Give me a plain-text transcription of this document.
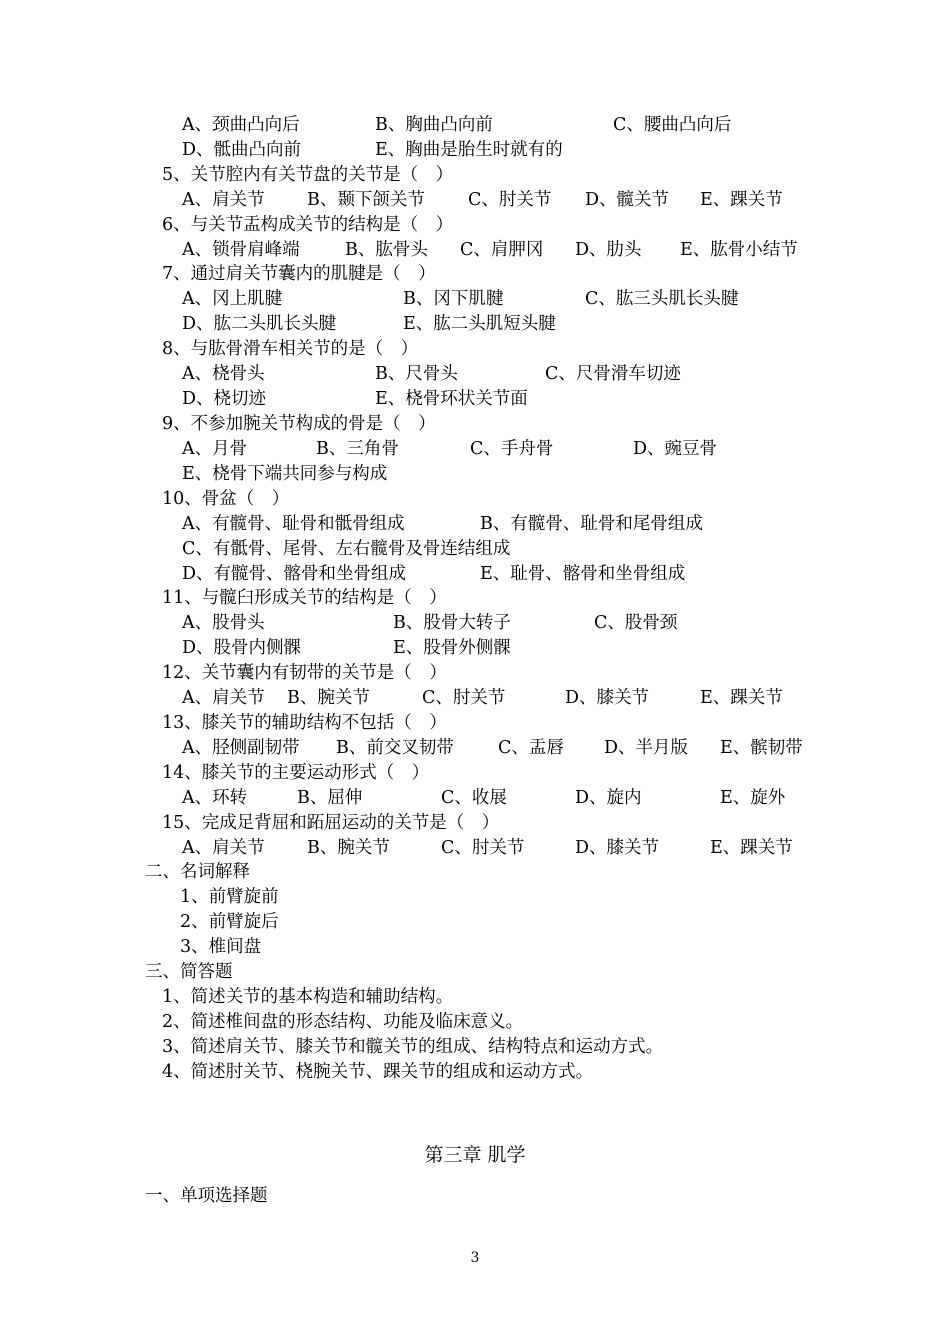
A、颈曲凸向后	B、胸曲凸向前	C、腰曲凸向后
D、骶曲凸向前	E、胸曲是胎生时就有的
5、关节腔内有关节盘的关节是（　）
A、肩关节 B、颞下颌关节 C、肘关节 D、髋关节 E、踝关节
6、与关节盂构成关节的结构是（　）
A、锁骨肩峰端	B、肱骨头 C、肩胛冈 D、肋头 E、肱骨小结节
7、通过肩关节囊内的肌腱是（　）
A、冈上肌腱	B、冈下肌腱	C、肱三头肌长头腱
D、肱二头肌长头腱	E、肱二头肌短头腱
8、与肱骨滑车相关节的是（　）
A、桡骨头	B、尺骨头	C、尺骨滑车切迹
D、桡切迹	E、桡骨环状关节面
9、不参加腕关节构成的骨是（　）
A、月骨	B、三角骨	C、手舟骨	D、豌豆骨
E、桡骨下端共同参与构成
10、骨盆（　）
A、有髋骨、耻骨和骶骨组成	B、有髋骨、耻骨和尾骨组成
C、有骶骨、尾骨、左右髋骨及骨连结组成
D、有髋骨、髂骨和坐骨组成	E、耻骨、髂骨和坐骨组成
11、与髋臼形成关节的结构是（　）
A、股骨头	B、股骨大转子	C、股骨颈
D、股骨内侧髁	E、股骨外侧髁
12、关节囊内有韧带的关节是（　）
A、肩关节 B、腕关节	C、肘关节	D、膝关节	E、踝关节
13、膝关节的辅助结构不包括（　）
A、胫侧副韧带 B、前交叉韧带	C、盂唇 D、半月版 E、髌韧带
14、膝关节的主要运动形式（　）
A、环转	B、屈伸	C、收展	D、旋内	E、旋外
15、完成足背屈和跖屈运动的关节是（　）
A、肩关节 B、腕关节	C、肘关节	D、膝关节	E、踝关节
二、名词解释
1、前臂旋前
2、前臂旋后
3、椎间盘
三、简答题
1、简述关节的基本构造和辅助结构。
2、简述椎间盘的形态结构、功能及临床意义。
3、简述肩关节、膝关节和髋关节的组成、结构特点和运动方式。
4、简述肘关节、桡腕关节、踝关节的组成和运动方式。
第三章 肌学
一、单项选择题
3
